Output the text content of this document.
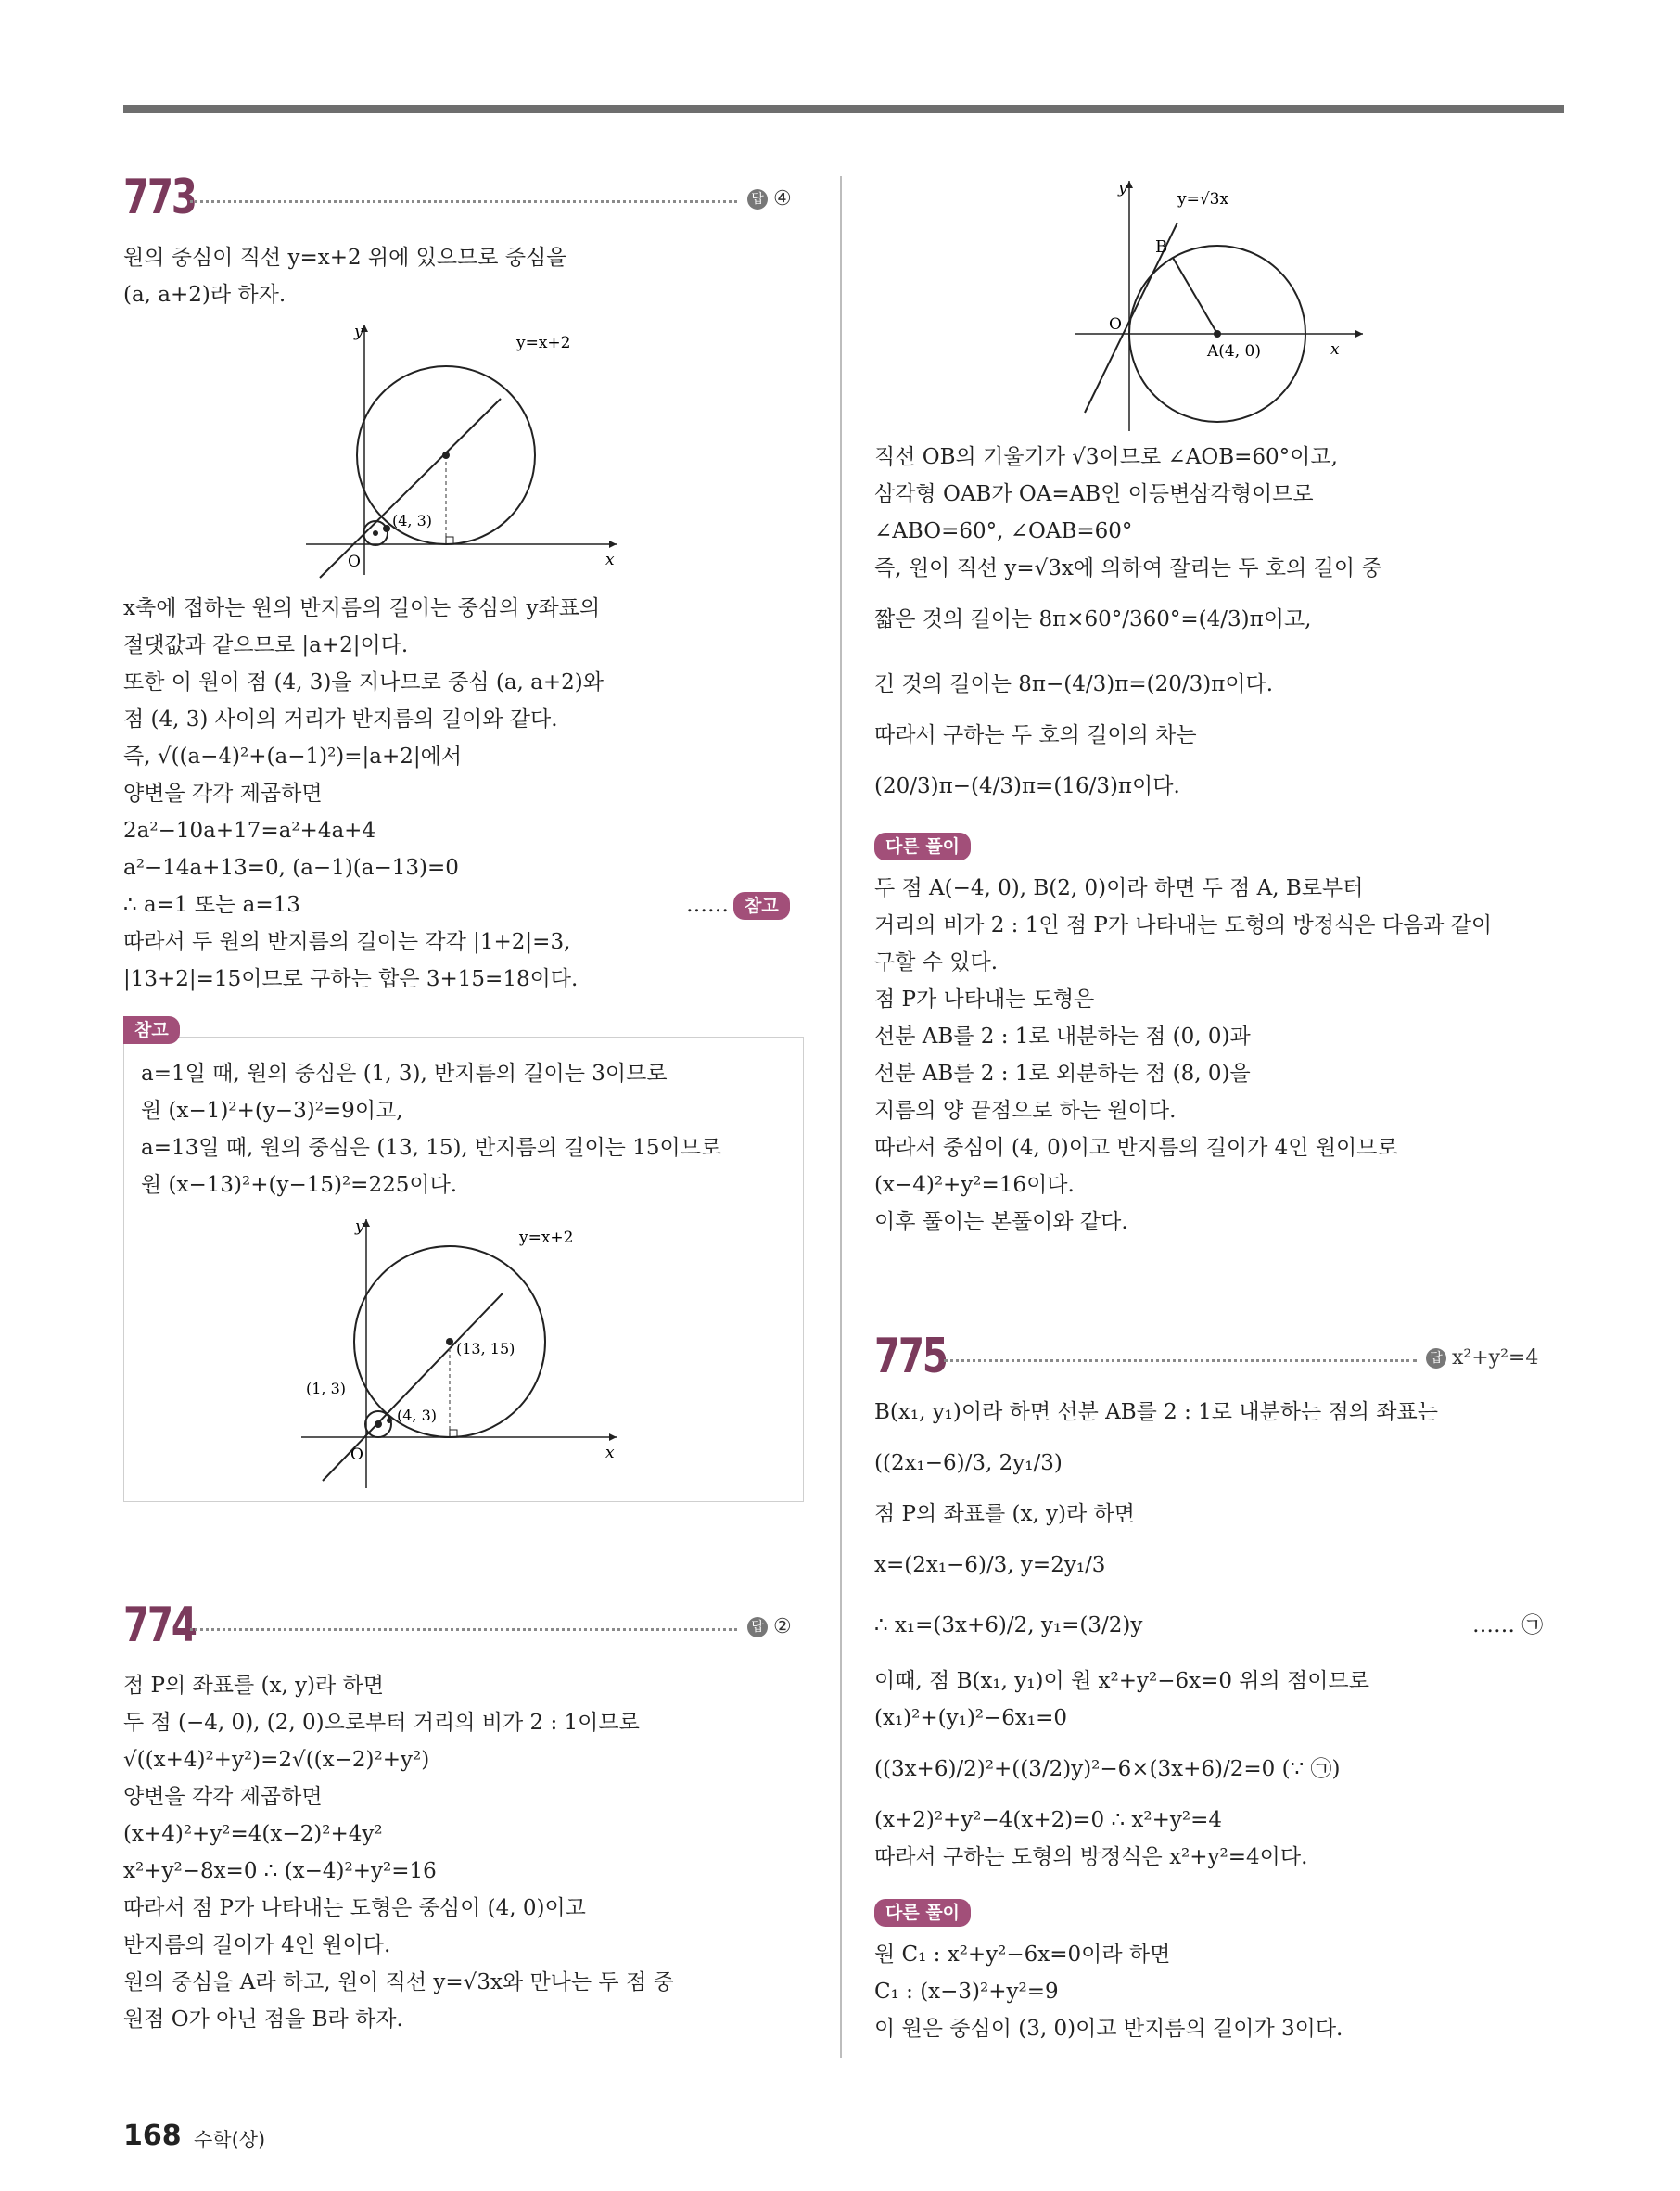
773	답 ④
원의 중심이 직선 y=x+2 위에 있으므로 중심을
(a, a+2)라 하자.
y=x+2
(4, 3)
x
y
O
x축에 접하는 원의 반지름의 길이는 중심의 y좌표의
절댓값과 같으므로 |a+2|이다.
또한 이 원이 점 (4, 3)을 지나므로 중심 (a, a+2)와
점 (4, 3) 사이의 거리가 반지름의 길이와 같다.
즉, √((a−4)²+(a−1)²)=|a+2|에서
양변을 각각 제곱하면
2a²−10a+17=a²+4a+4
a²−14a+13=0, (a−1)(a−13)=0
∴ a=1 또는 a=13	…… 참고
따라서 두 원의 반지름의 길이는 각각 |1+2|=3,
|13+2|=15이므로 구하는 합은 3+15=18이다.
참고
a=1일 때, 원의 중심은 (1, 3), 반지름의 길이는 3이므로
원 (x−1)²+(y−3)²=9이고,
a=13일 때, 원의 중심은 (13, 15), 반지름의 길이는 15이므로
원 (x−13)²+(y−15)²=225이다.
y=x+2
(13, 15)
(1, 3)
(4, 3)
x
y
O
774	답 ②
점 P의 좌표를 (x, y)라 하면
두 점 (−4, 0), (2, 0)으로부터 거리의 비가 2 : 1이므로
√((x+4)²+y²)=2√((x−2)²+y²)
양변을 각각 제곱하면
(x+4)²+y²=4(x−2)²+4y²
x²+y²−8x=0 ∴ (x−4)²+y²=16
따라서 점 P가 나타내는 도형은 중심이 (4, 0)이고
반지름의 길이가 4인 원이다.
원의 중심을 A라 하고, 원이 직선 y=√3x와 만나는 두 점 중
원점 O가 아닌 점을 B라 하자.
y=√3x
B
A(4, 0)	x
y
O
직선 OB의 기울기가 √3이므로 ∠AOB=60°이고,
삼각형 OAB가 OA=AB인 이등변삼각형이므로
∠ABO=60°, ∠OAB=60°
즉, 원이 직선 y=√3x에 의하여 잘리는 두 호의 길이 중
짧은 것의 길이는 8π×60°/360°=(4/3)π이고,
긴 것의 길이는 8π−(4/3)π=(20/3)π이다.
따라서 구하는 두 호의 길이의 차는
(20/3)π−(4/3)π=(16/3)π이다.
다른 풀이
두 점 A(−4, 0), B(2, 0)이라 하면 두 점 A, B로부터
거리의 비가 2 : 1인 점 P가 나타내는 도형의 방정식은 다음과 같이
구할 수 있다.
점 P가 나타내는 도형은
선분 AB를 2 : 1로 내분하는 점 (0, 0)과
선분 AB를 2 : 1로 외분하는 점 (8, 0)을
지름의 양 끝점으로 하는 원이다.
따라서 중심이 (4, 0)이고 반지름의 길이가 4인 원이므로
(x−4)²+y²=16이다.
이후 풀이는 본풀이와 같다.
775	답 x²+y²=4
B(x₁, y₁)이라 하면 선분 AB를 2 : 1로 내분하는 점의 좌표는
((2x₁−6)/3, 2y₁/3)
점 P의 좌표를 (x, y)라 하면
x=(2x₁−6)/3, y=2y₁/3
∴ x₁=(3x+6)/2, y₁=(3/2)y	…… ㉠
이때, 점 B(x₁, y₁)이 원 x²+y²−6x=0 위의 점이므로
(x₁)²+(y₁)²−6x₁=0
((3x+6)/2)²+((3/2)y)²−6×(3x+6)/2=0 (∵ ㉠)
(x+2)²+y²−4(x+2)=0 ∴ x²+y²=4
따라서 구하는 도형의 방정식은 x²+y²=4이다.
다른 풀이
원 C₁ : x²+y²−6x=0이라 하면
C₁ : (x−3)²+y²=9
이 원은 중심이 (3, 0)이고 반지름의 길이가 3이다.
168 수학(상)
